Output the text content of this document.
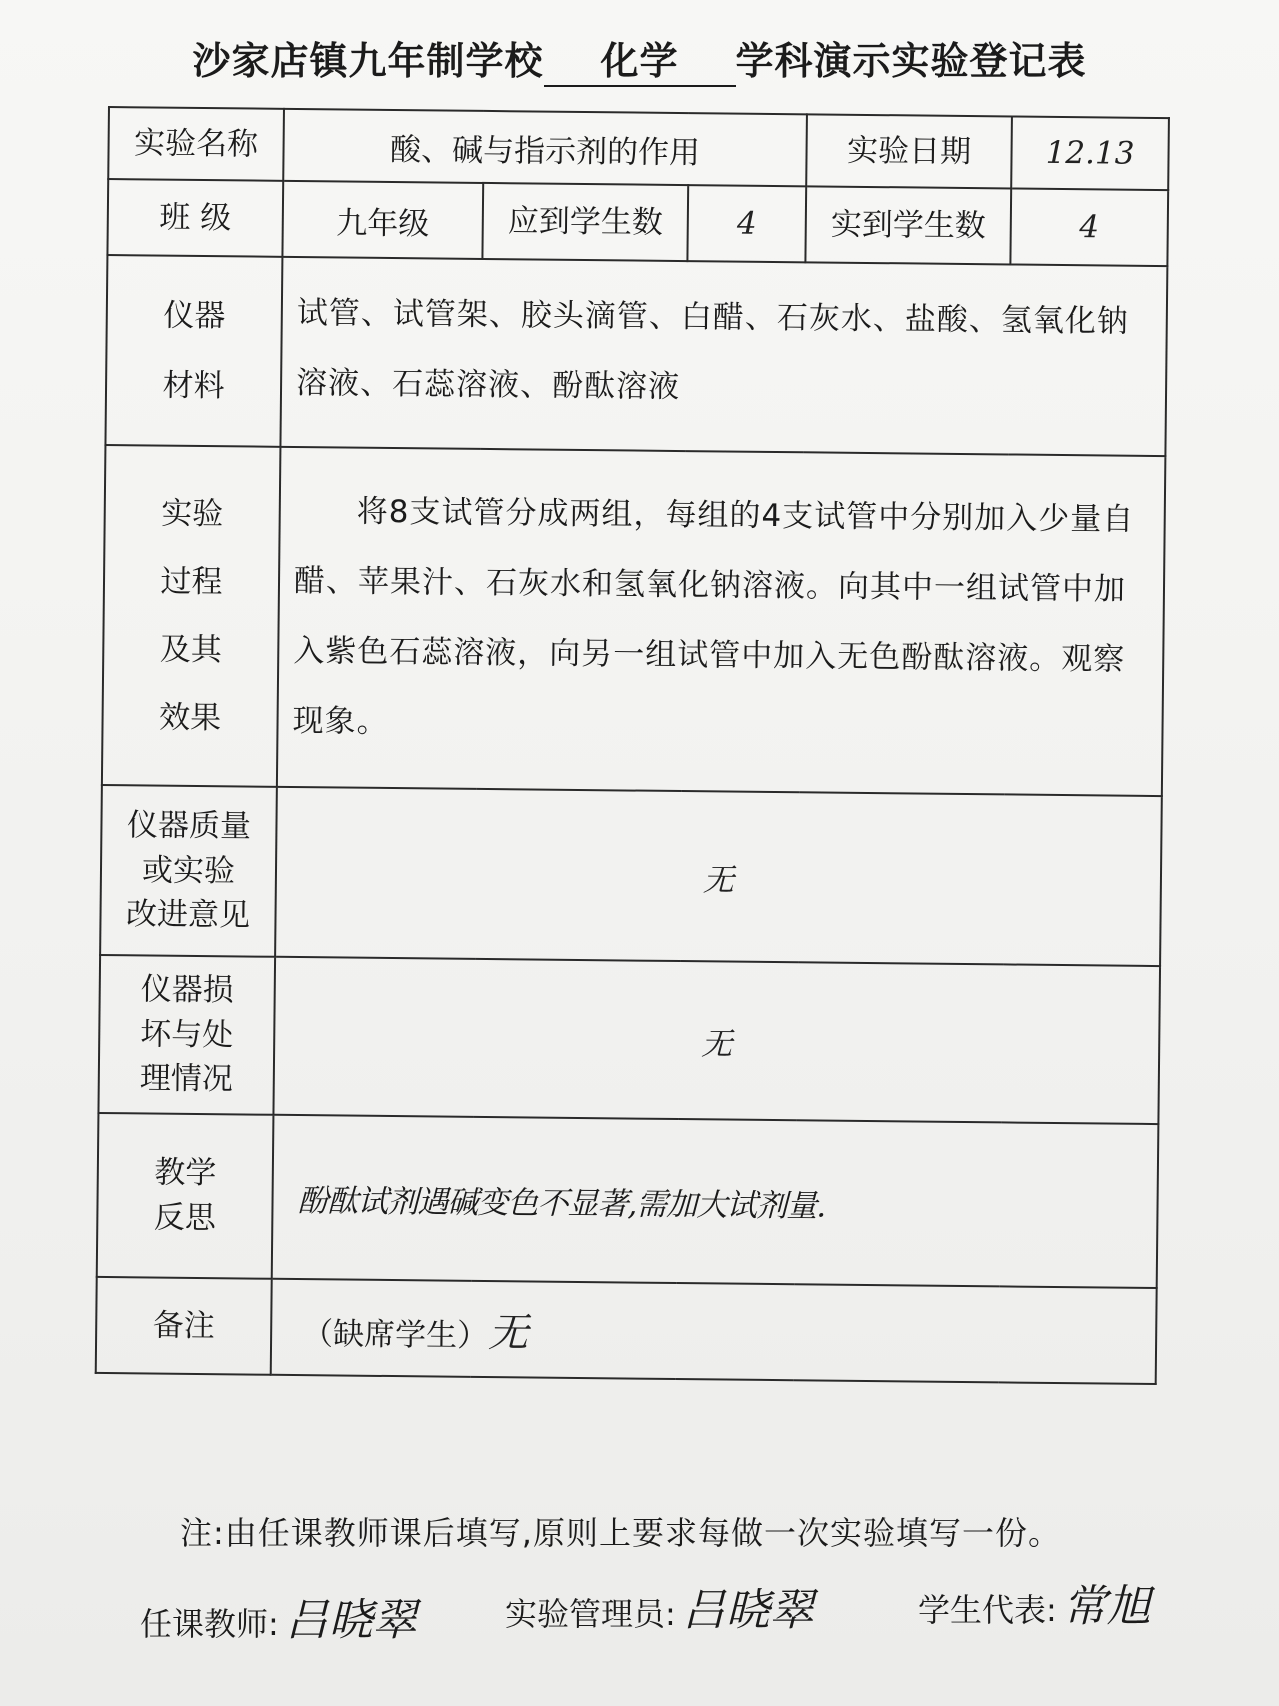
沙家店镇九年制学校 化学 学科演示实验登记表
实验名称	酸、碱与指示剂的作用			实验日期	12.13
班 级	九年级	应到学生数	4	实到学生数	4

仪器
材料	试管、试管架、胶头滴管、白醋、石灰水、盐酸、氢氧化钠溶液、石蕊溶液、酚酞溶液				

实验
过程
及其
效果	将8支试管分成两组，每组的4支试管中分别加入少量自醋、苹果汁、石灰水和氢氧化钠溶液。向其中一组试管中加入紫色石蕊溶液，向另一组试管中加入无色酚酞溶液。观察现象。				

仪器质量
或实验
改进意见	无				

仪器损
坏与处
理情况	无				

教学
反思	酚酞试剂遇碱变色不显著,需加大试剂量.				
备注	（缺席学生）无				
注:由任课教师课后填写,原则上要求每做一次实验填写一份。
任课教师: 吕晓翠	实验管理员: 吕晓翠	学生代表: 常旭
